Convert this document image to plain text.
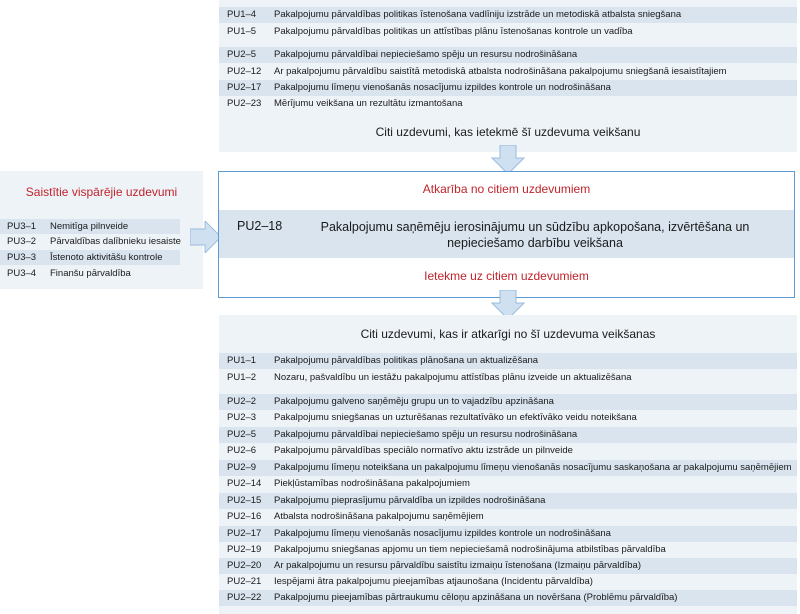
PU1–4 Pakalpojumu pārvaldības politikas īstenošana vadlīniju izstrāde un metodiskā atbalsta sniegšana
PU1–5 Pakalpojumu pārvaldības politikas un attīstības plānu īstenošanas kontrole un vadība
PU2–5 Pakalpojumu pārvaldībai nepieciešamo spēju un resursu nodrošināšana
PU2–12 Ar pakalpojumu pārvaldību saistītā metodiskā atbalsta nodrošināšana pakalpojumu sniegšanā iesaistītajiem
PU2–17 Pakalpojumu līmeņu vienošanās nosacījumu izpildes kontrole un nodrošināšana
PU2–23 Mērījumu veikšana un rezultātu izmantošana
Citi uzdevumi, kas ietekmē šī uzdevuma veikšanu
Saistītie vispārējie uzdevumi
PU3–1 Nemitīga pilnveide
PU3–2 Pārvaldības dalībnieku iesaiste
PU3–3 Īstenoto aktivitāšu kontrole
PU3–4 Finanšu pārvaldība
Atkarība no citiem uzdevumiem
PU2–18	Pakalpojumu saņēmēju ierosinājumu un sūdzību apkopošana, izvērtēšana un nepieciešamo darbību veikšana
Ietekme uz citiem uzdevumiem
Citi uzdevumi, kas ir atkarīgi no šī uzdevuma veikšanas
PU1–1 Pakalpojumu pārvaldības politikas plānošana un aktualizēšana
PU1–2 Nozaru, pašvaldību un iestāžu pakalpojumu attīstības plānu izveide un aktualizēšana
PU2–2 Pakalpojumu galveno saņēmēju grupu un to vajadzību apzināšana
PU2–3 Pakalpojumu sniegšanas un uzturēšanas rezultatīvāko un efektīvāko veidu noteikšana
PU2–5 Pakalpojumu pārvaldībai nepieciešamo spēju un resursu nodrošināšana
PU2–6 Pakalpojumu pārvaldības speciālo normatīvo aktu izstrāde un pilnveide
PU2–9 Pakalpojumu līmeņu noteikšana un pakalpojumu līmeņu vienošanās nosacījumu saskaņošana ar pakalpojumu saņēmējiem
PU2–14 Piekļūstamības nodrošināšana pakalpojumiem
PU2–15 Pakalpojumu pieprasījumu pārvaldība un izpildes nodrošināšana
PU2–16 Atbalsta nodrošināšana pakalpojumu saņēmējiem
PU2–17 Pakalpojumu līmeņu vienošanās nosacījumu izpildes kontrole un nodrošināšana
PU2–19 Pakalpojumu sniegšanas apjomu un tiem nepieciešamā nodrošinājuma atbilstības pārvaldība
PU2–20 Ar pakalpojumu un resursu pārvaldību saistītu izmaiņu īstenošana (Izmaiņu pārvaldība)
PU2–21 Iespējami ātra pakalpojumu pieejamības atjaunošana (Incidentu pārvaldība)
PU2–22 Pakalpojumu pieejamības pārtraukumu cēloņu apzināšana un novēršana (Problēmu pārvaldība)
